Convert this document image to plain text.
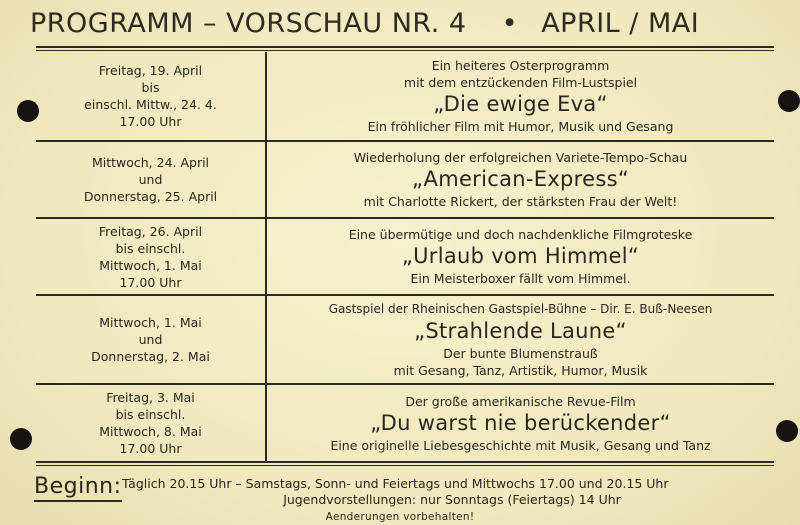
PROGRAMM – VORSCHAU NR. 4 • APRIL / MAI
Freitag, 19. April
bis
einschl. Mittw., 24. 4.
17.00 Uhr
Ein heiteres Osterprogramm
mit dem entzückenden Film-Lustspiel
„Die ewige Eva“
Ein fröhlicher Film mit Humor, Musik und Gesang
Mittwoch, 24. April
und
Donnerstag, 25. April
Wiederholung der erfolgreichen Variete-Tempo-Schau
„American-Express“
mit Charlotte Rickert, der stärksten Frau der Welt!
Freitag, 26. April
bis einschl.
Mittwoch, 1. Mai
17.00 Uhr
Eine übermütige und doch nachdenkliche Filmgroteske
„Urlaub vom Himmel“
Ein Meisterboxer fällt vom Himmel.
Mittwoch, 1. Mai
und
Donnerstag, 2. Mai
Gastspiel der Rheinischen Gastspiel-Bühne – Dir. E. Buß-Neesen
„Strahlende Laune“
Der bunte Blumenstrauß
mit Gesang, Tanz, Artistik, Humor, Musik
Freitag, 3. Mai
bis einschl.
Mittwoch, 8. Mai
17.00 Uhr
Der große amerikanische Revue-Film
„Du warst nie berückender“
Eine originelle Liebesgeschichte mit Musik, Gesang und Tanz
Beginn: Täglich 20.15 Uhr – Samstags, Sonn- und Feiertags und Mittwochs 17.00 und 20.15 Uhr
Jugendvorstellungen: nur Sonntags (Feiertags) 14 Uhr
Aenderungen vorbehalten!
